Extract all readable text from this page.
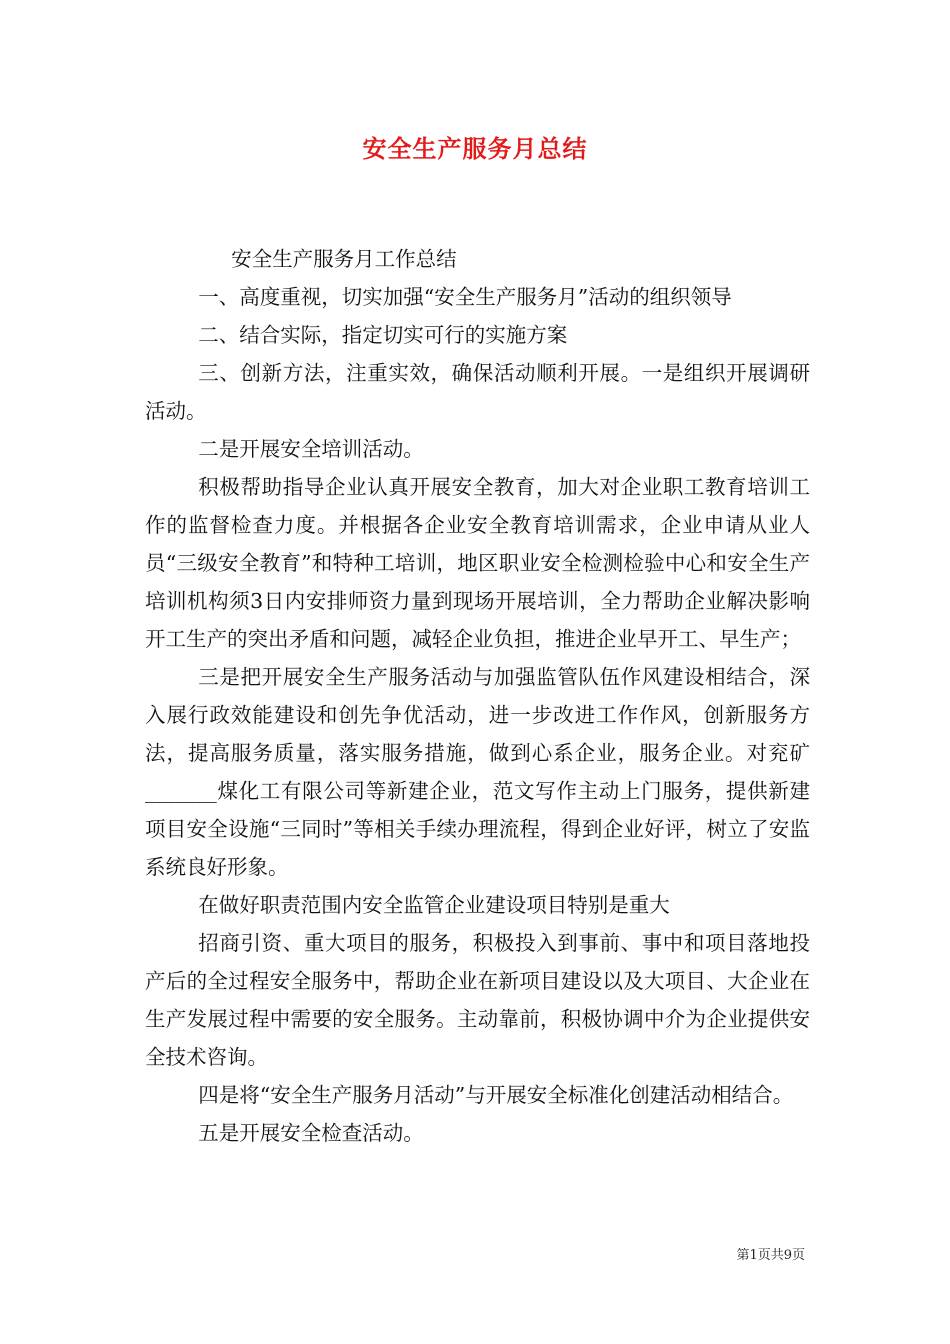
安全生产服务月总结

安全生产服务月工作总结

一、高度重视，切实加强“安全生产服务月”活动的组织领导

二、结合实际，指定切实可行的实施方案

三、创新方法，注重实效，确保活动顺利开展。一是组织开展调研活动。

二是开展安全培训活动。

积极帮助指导企业认真开展安全教育，加大对企业职工教育培训工作的监督检查力度。并根据各企业安全教育培训需求，企业申请从业人员“三级安全教育”和特种工培训，地区职业安全检测检验中心和安全生产培训机构须3日内安排师资力量到现场开展培训，全力帮助企业解决影响开工生产的突出矛盾和问题，减轻企业负担，推进企业早开工、早生产；

三是把开展安全生产服务活动与加强监管队伍作风建设相结合，深入展行政效能建设和创先争优活动，进一步改进工作作风，创新服务方法，提高服务质量，落实服务措施，做到心系企业，服务企业。对兖矿_______煤化工有限公司等新建企业，范文写作主动上门服务，提供新建项目安全设施“三同时”等相关手续办理流程，得到企业好评，树立了安监系统良好形象。

在做好职责范围内安全监管企业建设项目特别是重大

招商引资、重大项目的服务，积极投入到事前、事中和项目落地投产后的全过程安全服务中，帮助企业在新项目建设以及大项目、大企业在生产发展过程中需要的安全服务。主动靠前，积极协调中介为企业提供安全技术咨询。

四是将“安全生产服务月活动”与开展安全标准化创建活动相结合。

五是开展安全检查活动。

第1页共9页
